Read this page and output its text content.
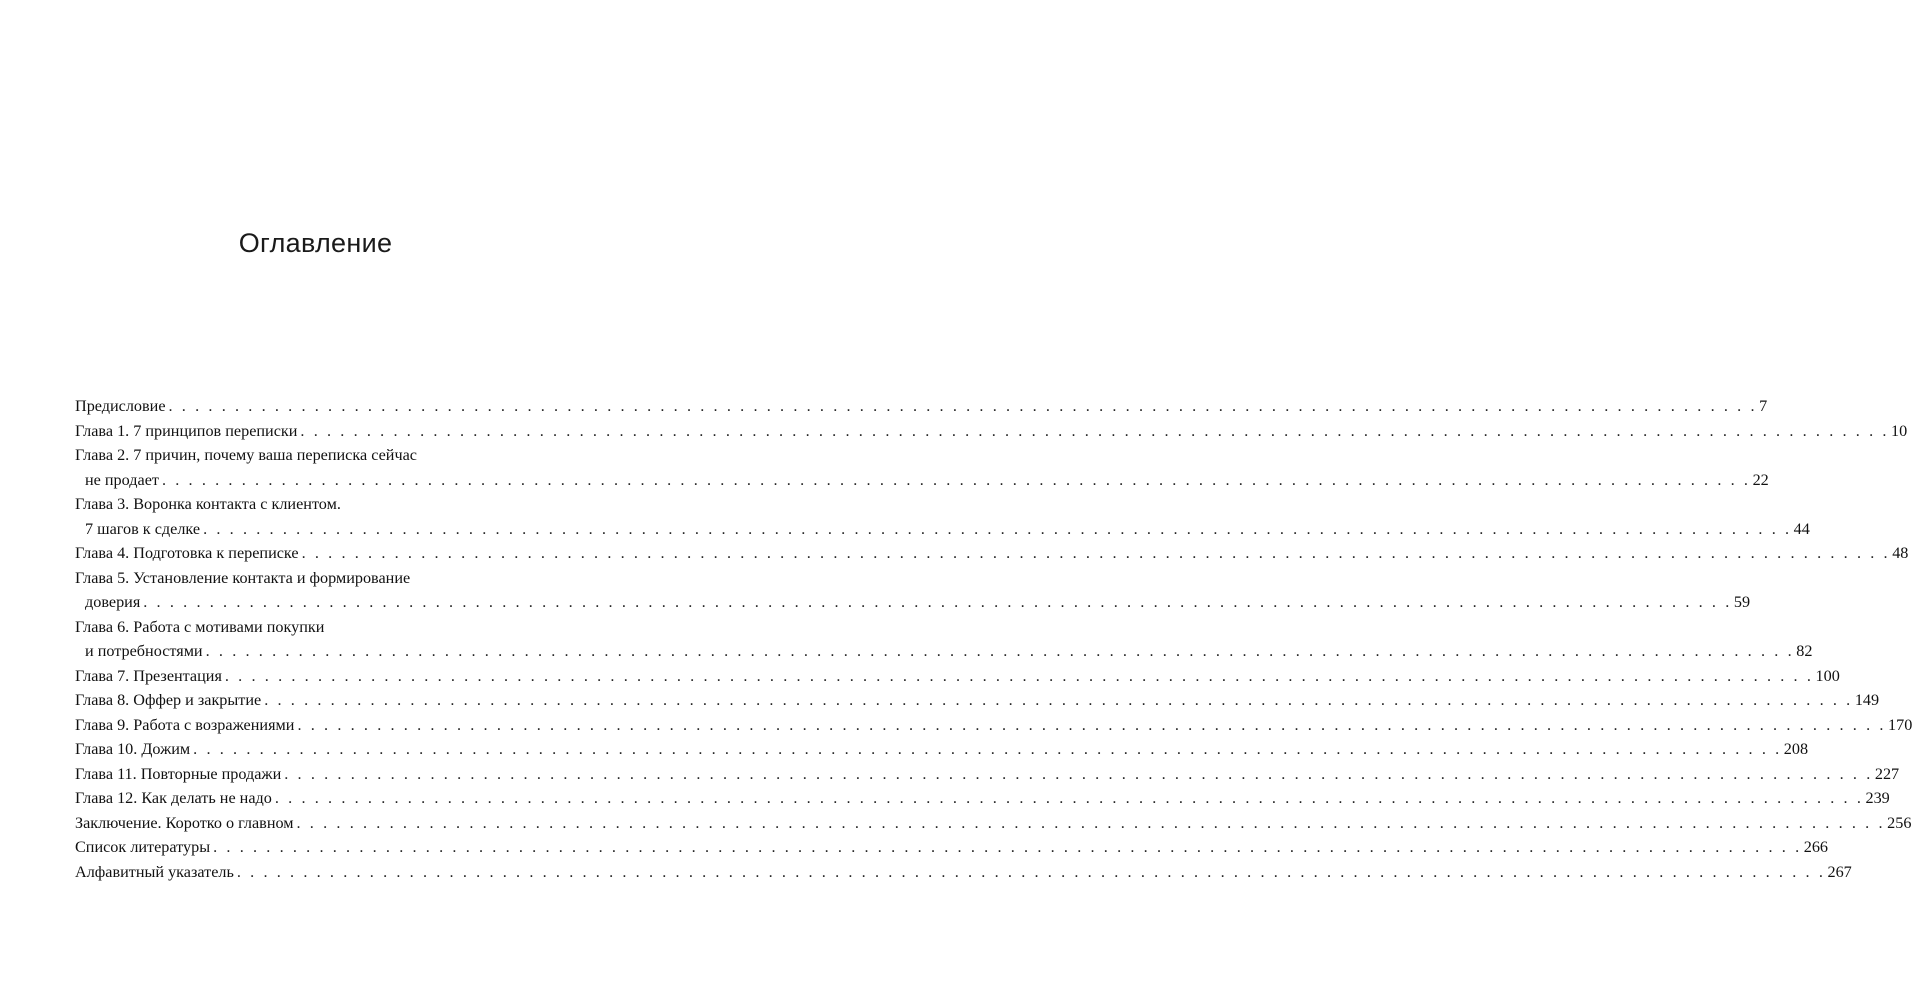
Оглавление
Предисловие . . . . . . . . . . . . . . . . . . . . . . . . . . . . . . . . . . . . . . . . . . . . . . . . . . . . . . . . . . . . . . . . . . . . . . . . . . . . . . . . . . . . . . . . . . . . . . . . . . . . . . . . . . . . . . . . . . . . . . . . 7
Глава 1. 7 принципов переписки . . . . . . . . . . . . . . . . . . . . . . . . . . . . . . . . . . . . . . . . . . . . . . . . . . . . . . . . . . . . . . . . . . . . . . . . . . . . . . . . . . . . . . . . . . . . . . . . . . . . . . . . . . . . . . . . . . . . . . . . 10
Глава 2. 7 причин, почему ваша переписка сейчас
не продает . . . . . . . . . . . . . . . . . . . . . . . . . . . . . . . . . . . . . . . . . . . . . . . . . . . . . . . . . . . . . . . . . . . . . . . . . . . . . . . . . . . . . . . . . . . . . . . . . . . . . . . . . . . . . . . . . . . . . . . . 22
Глава 3. Воронка контакта с клиентом.
7 шагов к сделке . . . . . . . . . . . . . . . . . . . . . . . . . . . . . . . . . . . . . . . . . . . . . . . . . . . . . . . . . . . . . . . . . . . . . . . . . . . . . . . . . . . . . . . . . . . . . . . . . . . . . . . . . . . . . . . . . . . . . . . . 44
Глава 4. Подготовка к переписке . . . . . . . . . . . . . . . . . . . . . . . . . . . . . . . . . . . . . . . . . . . . . . . . . . . . . . . . . . . . . . . . . . . . . . . . . . . . . . . . . . . . . . . . . . . . . . . . . . . . . . . . . . . . . . . . . . . . . . . . 48
Глава 5. Установление контакта и формирование
доверия . . . . . . . . . . . . . . . . . . . . . . . . . . . . . . . . . . . . . . . . . . . . . . . . . . . . . . . . . . . . . . . . . . . . . . . . . . . . . . . . . . . . . . . . . . . . . . . . . . . . . . . . . . . . . . . . . . . . . . . . 59
Глава 6. Работа с мотивами покупки
и потребностями . . . . . . . . . . . . . . . . . . . . . . . . . . . . . . . . . . . . . . . . . . . . . . . . . . . . . . . . . . . . . . . . . . . . . . . . . . . . . . . . . . . . . . . . . . . . . . . . . . . . . . . . . . . . . . . . . . . . . . . . 82
Глава 7. Презентация . . . . . . . . . . . . . . . . . . . . . . . . . . . . . . . . . . . . . . . . . . . . . . . . . . . . . . . . . . . . . . . . . . . . . . . . . . . . . . . . . . . . . . . . . . . . . . . . . . . . . . . . . . . . . . . . . . . . . . . . 100
Глава 8. Оффер и закрытие . . . . . . . . . . . . . . . . . . . . . . . . . . . . . . . . . . . . . . . . . . . . . . . . . . . . . . . . . . . . . . . . . . . . . . . . . . . . . . . . . . . . . . . . . . . . . . . . . . . . . . . . . . . . . . . . . . . . . . . . 149
Глава 9. Работа с возражениями . . . . . . . . . . . . . . . . . . . . . . . . . . . . . . . . . . . . . . . . . . . . . . . . . . . . . . . . . . . . . . . . . . . . . . . . . . . . . . . . . . . . . . . . . . . . . . . . . . . . . . . . . . . . . . . . . . . . . . . . 170
Глава 10. Дожим . . . . . . . . . . . . . . . . . . . . . . . . . . . . . . . . . . . . . . . . . . . . . . . . . . . . . . . . . . . . . . . . . . . . . . . . . . . . . . . . . . . . . . . . . . . . . . . . . . . . . . . . . . . . . . . . . . . . . . . . 208
Глава 11. Повторные продажи . . . . . . . . . . . . . . . . . . . . . . . . . . . . . . . . . . . . . . . . . . . . . . . . . . . . . . . . . . . . . . . . . . . . . . . . . . . . . . . . . . . . . . . . . . . . . . . . . . . . . . . . . . . . . . . . . . . . . . . . 227
Глава 12. Как делать не надо . . . . . . . . . . . . . . . . . . . . . . . . . . . . . . . . . . . . . . . . . . . . . . . . . . . . . . . . . . . . . . . . . . . . . . . . . . . . . . . . . . . . . . . . . . . . . . . . . . . . . . . . . . . . . . . . . . . . . . . . 239
Заключение. Коротко о главном . . . . . . . . . . . . . . . . . . . . . . . . . . . . . . . . . . . . . . . . . . . . . . . . . . . . . . . . . . . . . . . . . . . . . . . . . . . . . . . . . . . . . . . . . . . . . . . . . . . . . . . . . . . . . . . . . . . . . . . . 256
Список литературы . . . . . . . . . . . . . . . . . . . . . . . . . . . . . . . . . . . . . . . . . . . . . . . . . . . . . . . . . . . . . . . . . . . . . . . . . . . . . . . . . . . . . . . . . . . . . . . . . . . . . . . . . . . . . . . . . . . . . . . . 266
Алфавитный указатель . . . . . . . . . . . . . . . . . . . . . . . . . . . . . . . . . . . . . . . . . . . . . . . . . . . . . . . . . . . . . . . . . . . . . . . . . . . . . . . . . . . . . . . . . . . . . . . . . . . . . . . . . . . . . . . . . . . . . . . . 267
